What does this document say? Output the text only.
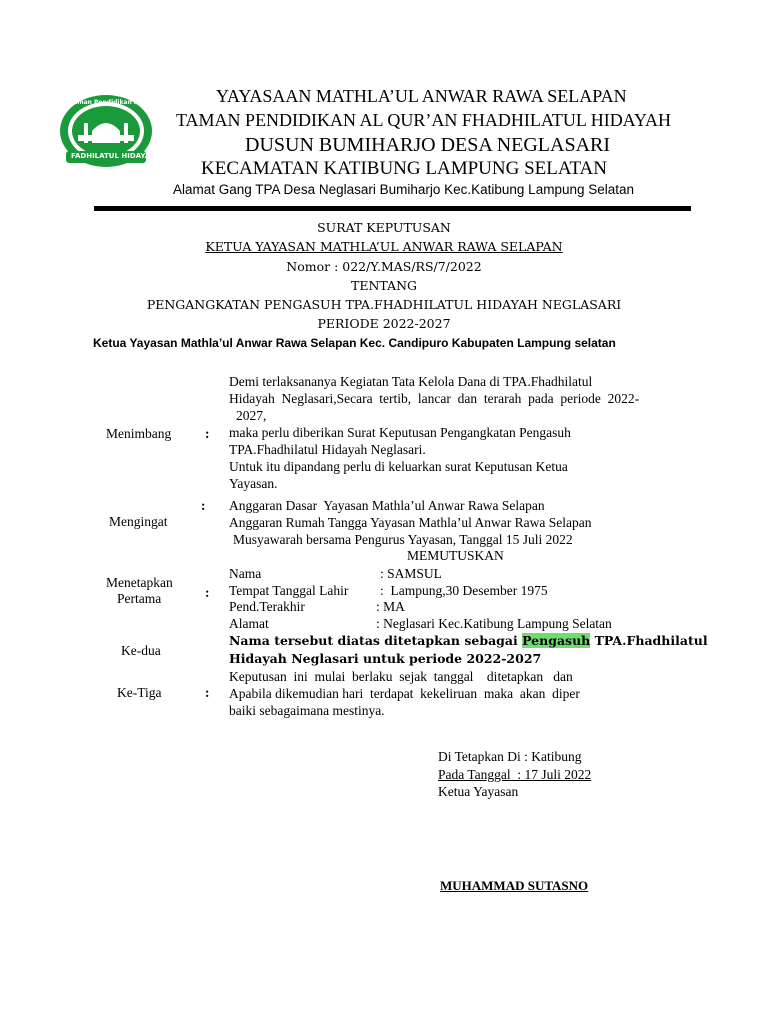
Taman Pendidikan Alqur'an
FADHILATUL HIDAYAH
YAYASAAN MATHLA’UL ANWAR RAWA SELAPAN
TAMAN PENDIDIKAN AL QUR’AN FHADHILATUL HIDAYAH
DUSUN BUMIHARJO DESA NEGLASARI
KECAMATAN KATIBUNG LAMPUNG SELATAN
Alamat Gang TPA Desa Neglasari Bumiharjo Kec.Katibung Lampung Selatan
SURAT KEPUTUSAN
KETUA YAYASAN MATHLA’UL ANWAR RAWA SELAPAN
Nomor : 022/Y.MAS/RS/7/2022
TENTANG
PENGANGKATAN PENGASUH TPA.FHADHILATUL HIDAYAH NEGLASARI
PERIODE 2022-2027
Ketua Yayasan Mathla’ul Anwar Rawa Selapan Kec. Candipuro Kabupaten Lampung selatan
Menimbang	:
Demi terlaksananya Kegiatan Tata Kelola Dana di TPA.Fhadhilatul
Hidayah  Neglasari,Secara  tertib,  lancar  dan  terarah  pada  periode  2022-
2027,
maka perlu diberikan Surat Keputusan Pengangkatan Pengasuh
TPA.Fhadhilatul Hidayah Neglasari.
Untuk itu dipandang perlu di keluarkan surat Keputusan Ketua
Yayasan.
Mengingat
: Anggaran Dasar  Yayasan Mathla’ul Anwar Rawa Selapan
Anggaran Rumah Tangga Yayasan Mathla’ul Anwar Rawa Selapan
Musyawarah bersama Pengurus Yayasan, Tanggal 15 Juli 2022
MEMUTUSKAN
Menetapkan
Pertama	:
Nama	: SAMSUL
Tempat Tanggal Lahir :  Lampung,30 Desember 1975
Pend.Terakhir	: MA
Alamat	: Neglasari Kec.Katibung Lampung Selatan
Ke-dua
Nama tersebut diatas ditetapkan sebagai Pengasuh TPA.Fhadhilatul
Hidayah Neglasari untuk periode 2022-2027
Ke-Tiga	:
Keputusan  ini  mulai  berlaku  sejak  tanggal    ditetapkan   dan
Apabila dikemudian hari  terdapat  kekeliruan  maka  akan  diper
baiki sebagaimana mestinya.
Di Tetapkan Di : Katibung
Pada Tanggal  : 17 Juli 2022
Ketua Yayasan
MUHAMMAD SUTASNO
